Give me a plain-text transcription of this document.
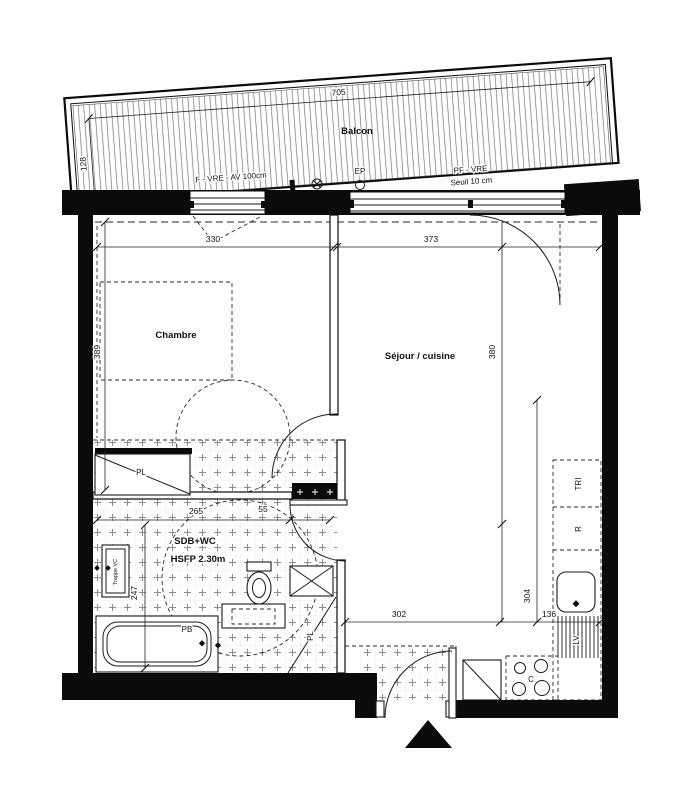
705
128
Balcon
F - VRE - AV 100cm	EP	PF - VRE
Seuil 10 cm
PL
Trappe VC
PB
PL
TRI
R
LV
C
330	373
389	380
304
302	136
265	55
247
Chambre
Séjour / cuisine
SDB+WC
HSFP 2.30m
